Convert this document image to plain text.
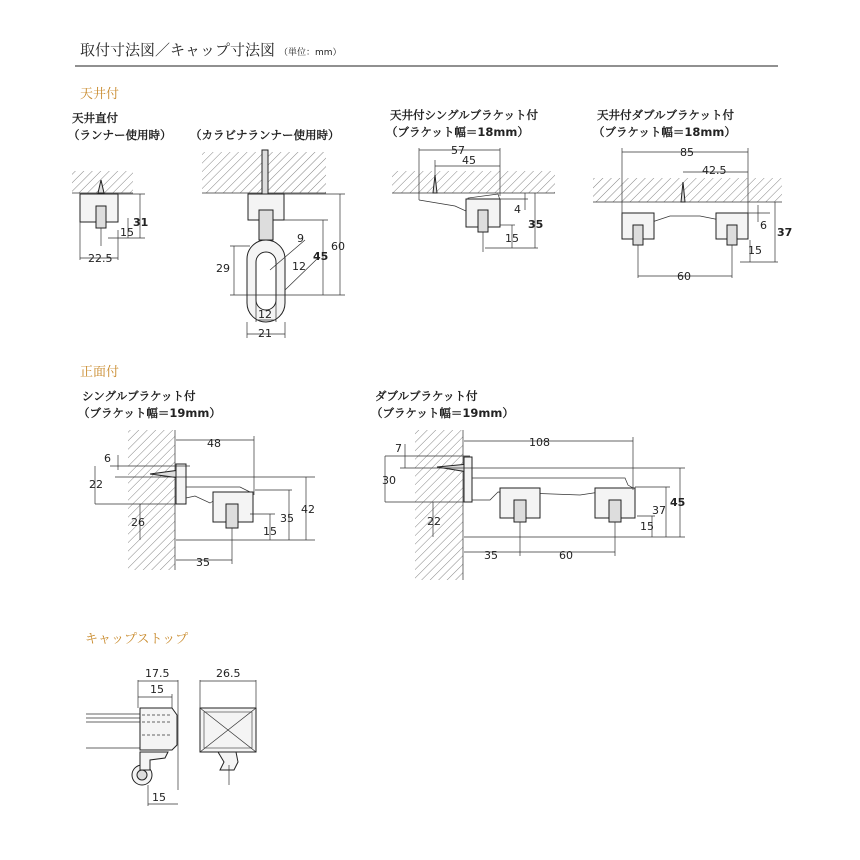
取付寸法図／キャップ寸法図 （単位：mm）
天井付
天井直付
（ランナー使用時） （カラビナランナー使用時）
31
15
22.5
60
45
29
9
12
12
21
天井付シングルブラケット付
（ブラケット幅＝18mm）
57
45
4
35
15
天井付ダブルブラケット付
（ブラケット幅＝18mm）
85
42.5
6
37
15
60
正面付
シングルブラケット付
（ブラケット幅＝19mm）
48
6
22
26	35
15
42
35
ダブルブラケット付
（ブラケット幅＝19mm）
108
7
30
22
37
45
15
35	60
キャップストップ
17.5
15
26.5
15
